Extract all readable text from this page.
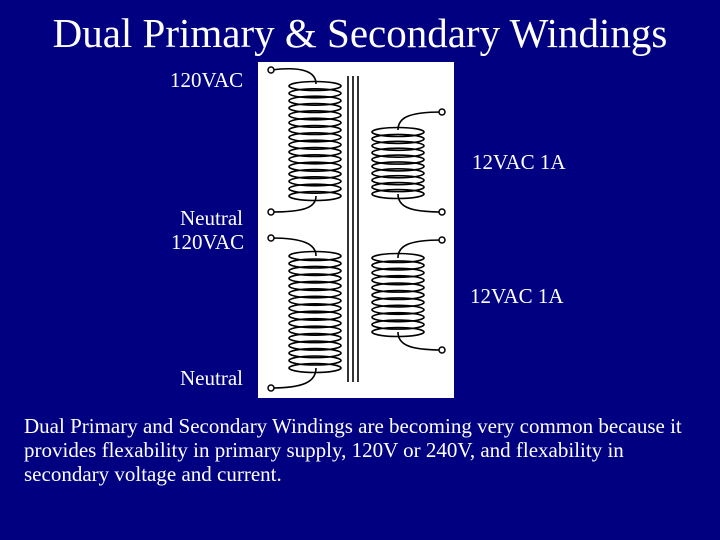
Dual Primary & Secondary Windings
120VAC
12VAC 1A
Neutral
120VAC
12VAC 1A
Neutral
Dual Primary and Secondary Windings are becoming very common because it provides flexability in primary supply, 120V or 240V, and flexability in secondary voltage and current.
